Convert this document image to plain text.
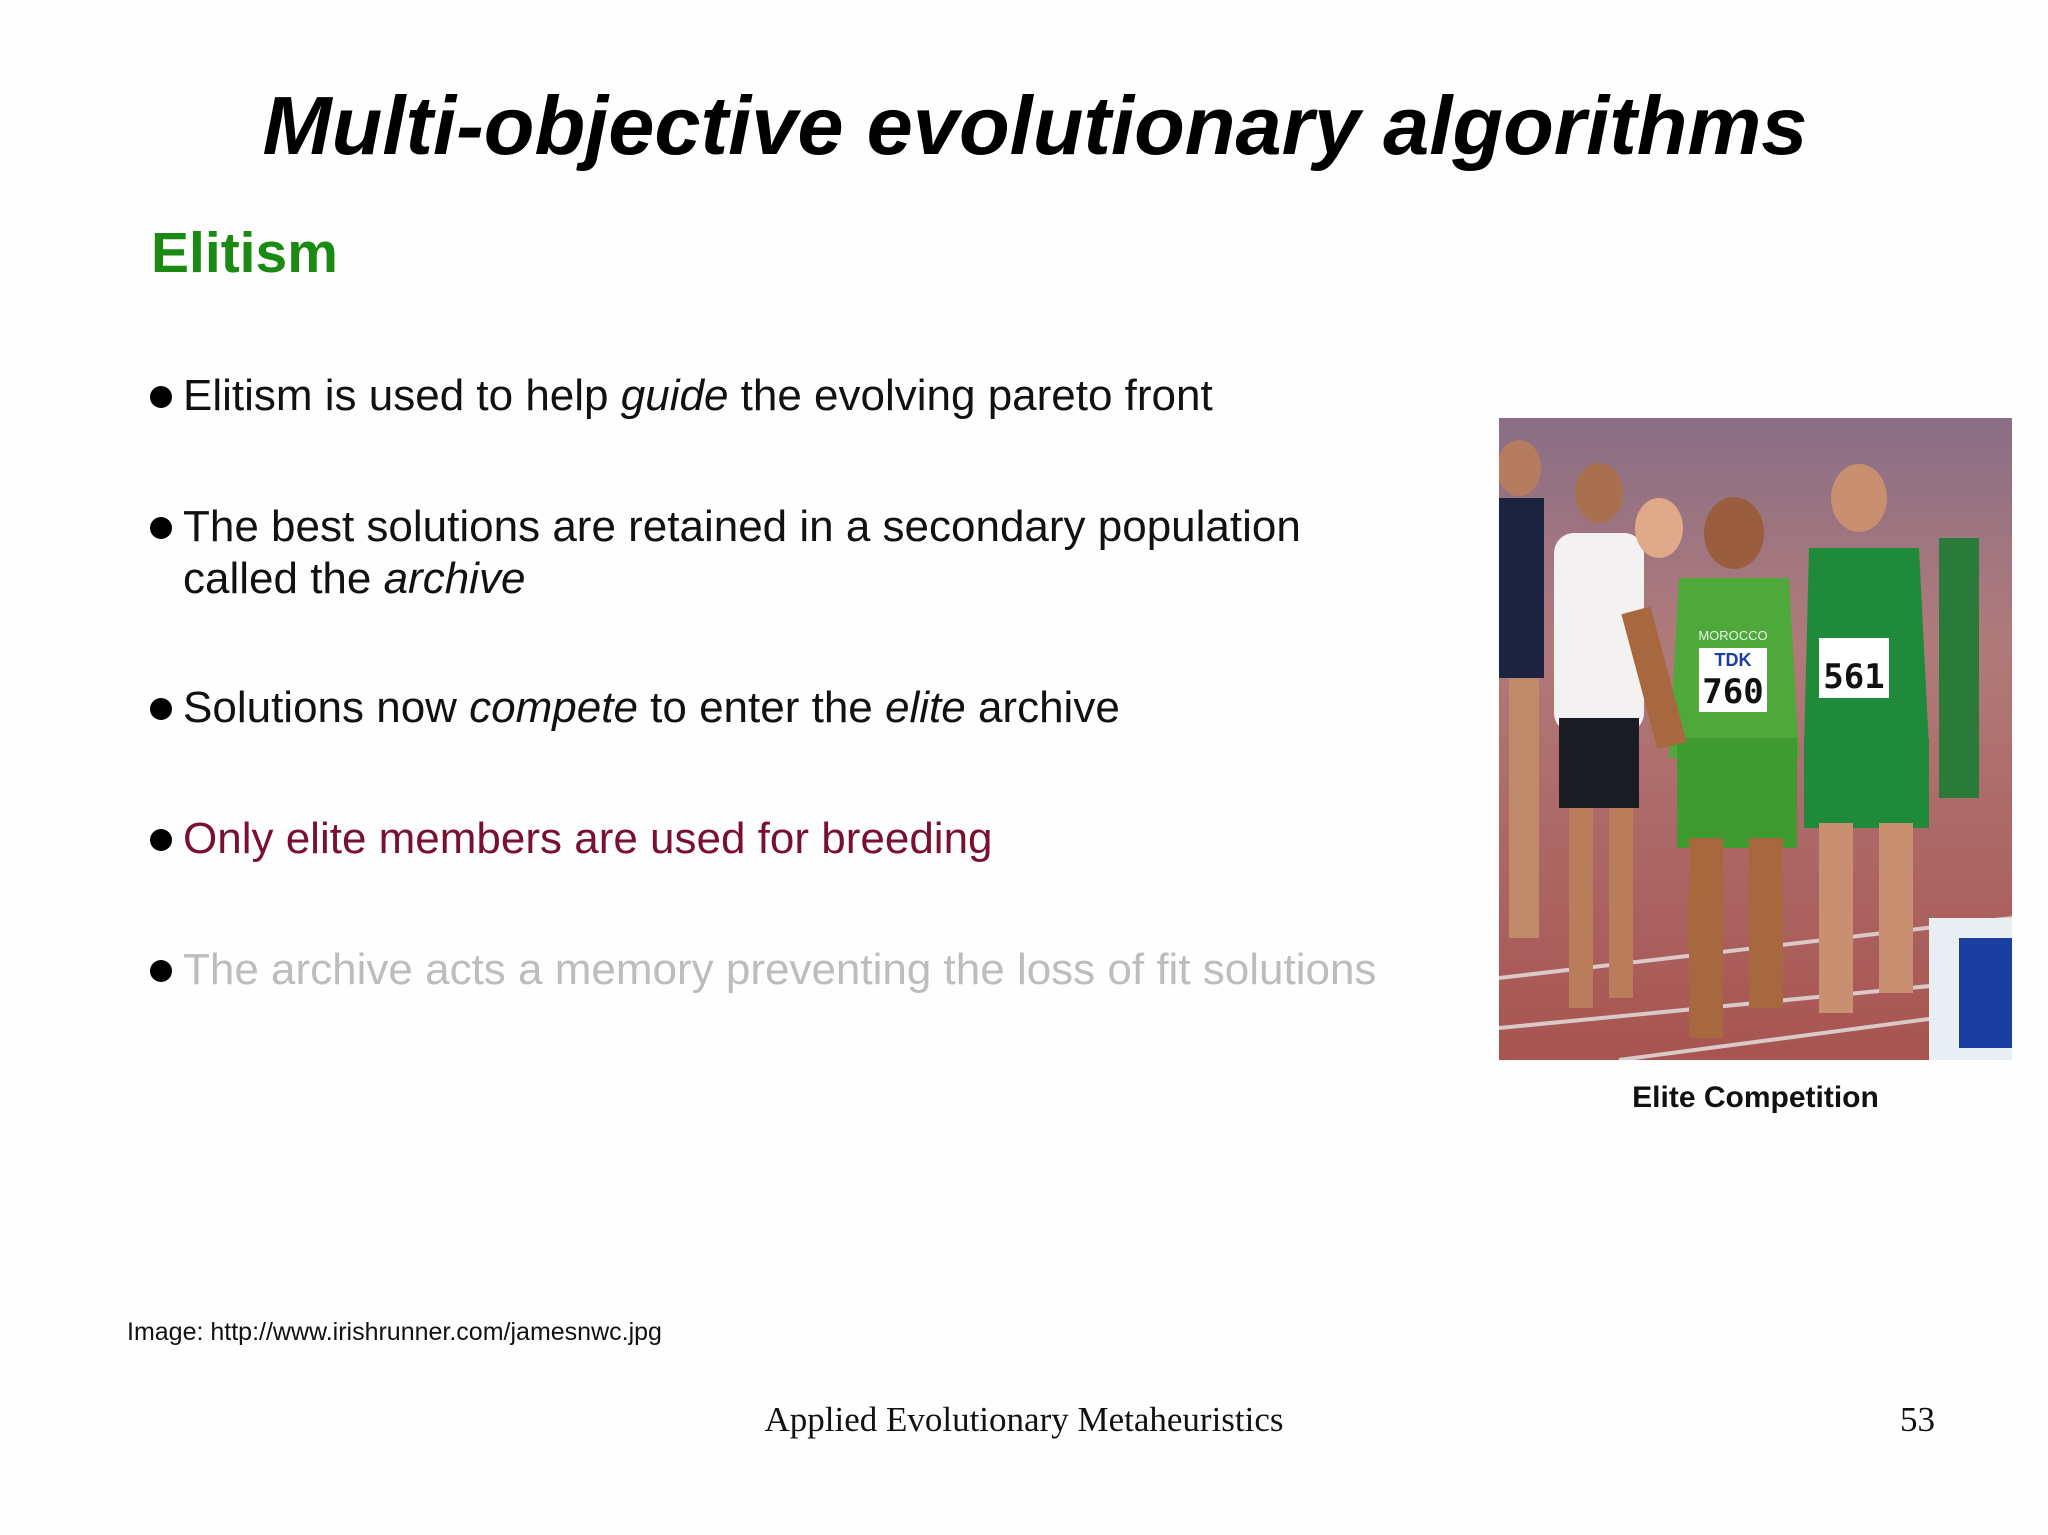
Multi-objective evolutionary algorithms
Elitism
Elitism is used to help guide the evolving pareto front
The best solutions are retained in a secondary population
called the archive
Solutions now compete to enter the elite archive
Only elite members are used for breeding
The archive acts a memory preventing the loss of fit solutions
760 561
TDK
MOROCCO
Elite Competition
Image: http://www.irishrunner.com/jamesnwc.jpg
Applied Evolutionary Metaheuristics	53
